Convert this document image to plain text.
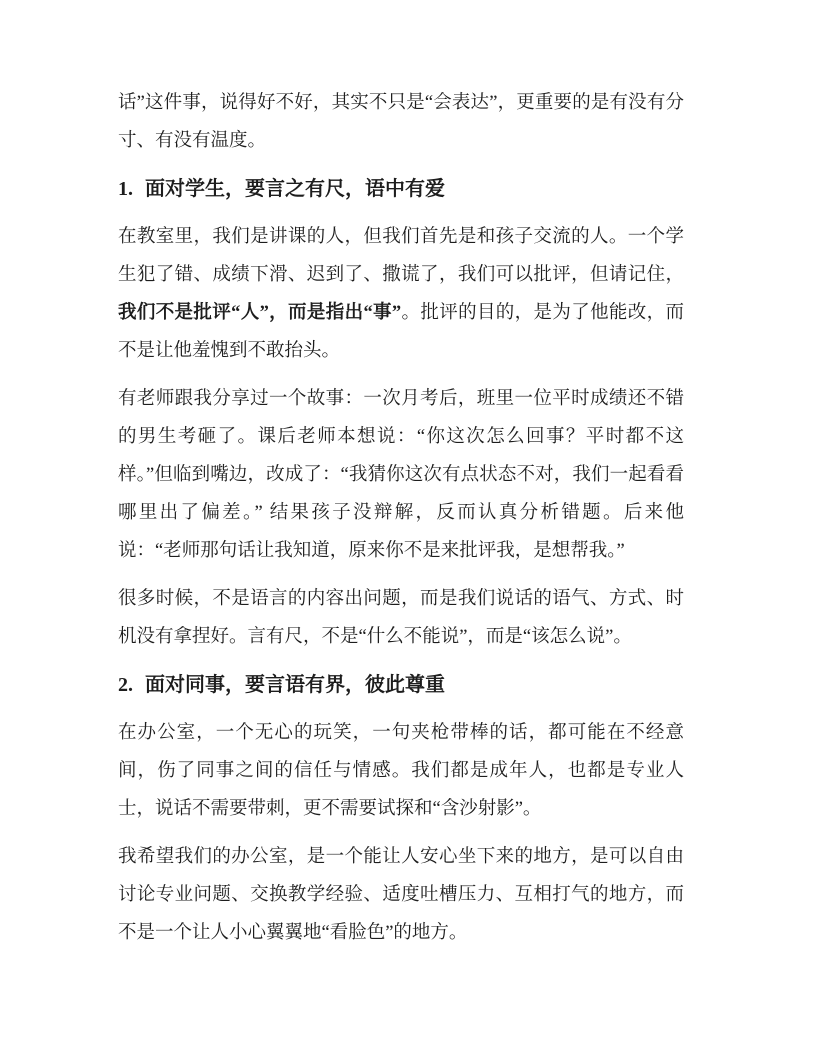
话”这件事，说得好不好，其实不只是“会表达”，更重要的是有没有分寸、有没有温度。

1. 面对学生，要言之有尺，语中有爱

在教室里，我们是讲课的人，但我们首先是和孩子交流的人。一个学生犯了错、成绩下滑、迟到了、撒谎了，我们可以批评，但请记住，我们不是批评“人”，而是指出“事”。批评的目的，是为了他能改，而不是让他羞愧到不敢抬头。

有老师跟我分享过一个故事：一次月考后，班里一位平时成绩还不错的男生考砸了。课后老师本想说：“你这次怎么回事？平时都不这样。”但临到嘴边，改成了：“我猜你这次有点状态不对，我们一起看看哪里出了偏差。” 结果孩子没辩解，反而认真分析错题。后来他说：“老师那句话让我知道，原来你不是来批评我，是想帮我。”

很多时候，不是语言的内容出问题，而是我们说话的语气、方式、时机没有拿捏好。言有尺，不是“什么不能说”，而是“该怎么说”。

2. 面对同事，要言语有界，彼此尊重

在办公室，一个无心的玩笑，一句夹枪带棒的话，都可能在不经意间，伤了同事之间的信任与情感。我们都是成年人，也都是专业人士，说话不需要带刺，更不需要试探和“含沙射影”。

我希望我们的办公室，是一个能让人安心坐下来的地方，是可以自由讨论专业问题、交换教学经验、适度吐槽压力、互相打气的地方，而不是一个让人小心翼翼地“看脸色”的地方。
